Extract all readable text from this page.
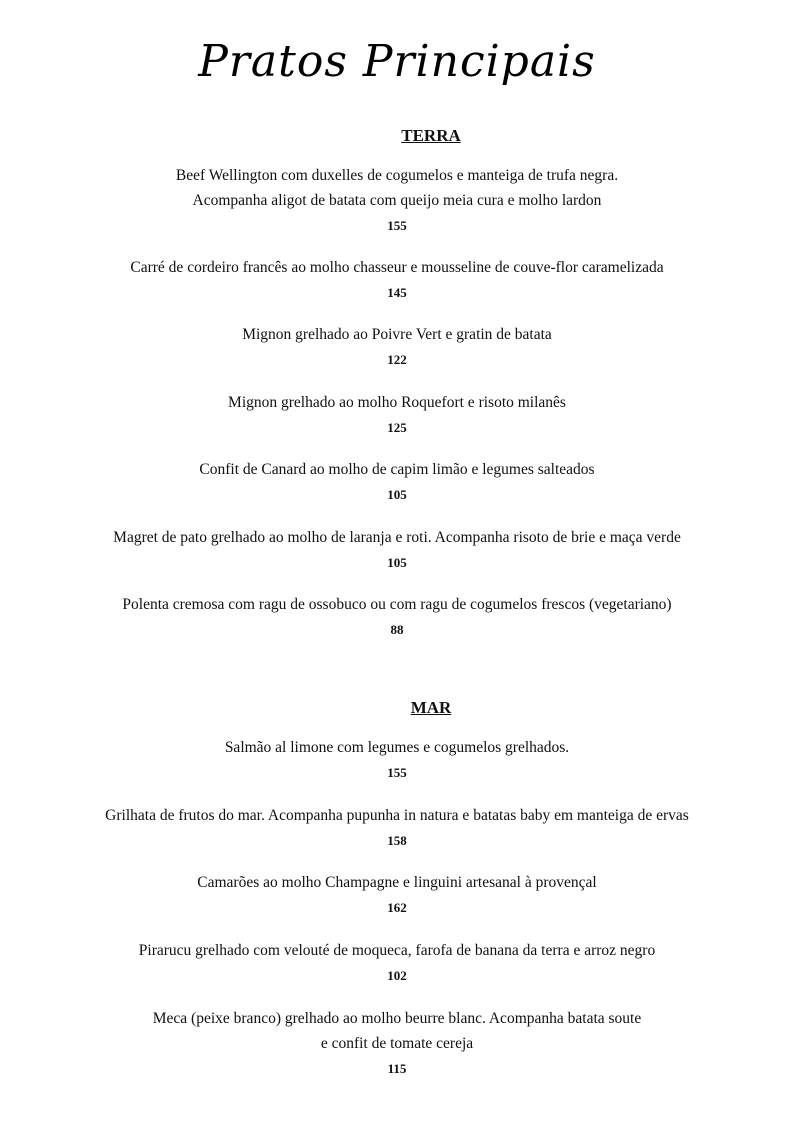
Pratos Principais
TERRA
Beef Wellington com duxelles de cogumelos e manteiga de trufa negra.
Acompanha aligot de batata com queijo meia cura e molho lardon
155
Carré de cordeiro francês ao molho chasseur e mousseline de couve-flor caramelizada
145
Mignon grelhado ao Poivre Vert e gratin de batata
122
Mignon grelhado ao molho Roquefort e risoto milanês
125
Confit de Canard ao molho de capim limão e legumes salteados
105
Magret de pato grelhado ao molho de laranja e roti. Acompanha risoto de brie e maça verde
105
Polenta cremosa com ragu de ossobuco ou com ragu de cogumelos frescos (vegetariano)
88
MAR
Salmão al limone com legumes e cogumelos grelhados.
155
Grilhata de frutos do mar. Acompanha pupunha in natura e batatas baby em manteiga de ervas
158
Camarões ao molho Champagne e linguini artesanal à provençal
162
Pirarucu grelhado com velouté de moqueca, farofa de banana da terra e arroz negro
102
Meca (peixe branco) grelhado ao molho beurre blanc. Acompanha batata soute
e confit de tomate cereja
115
